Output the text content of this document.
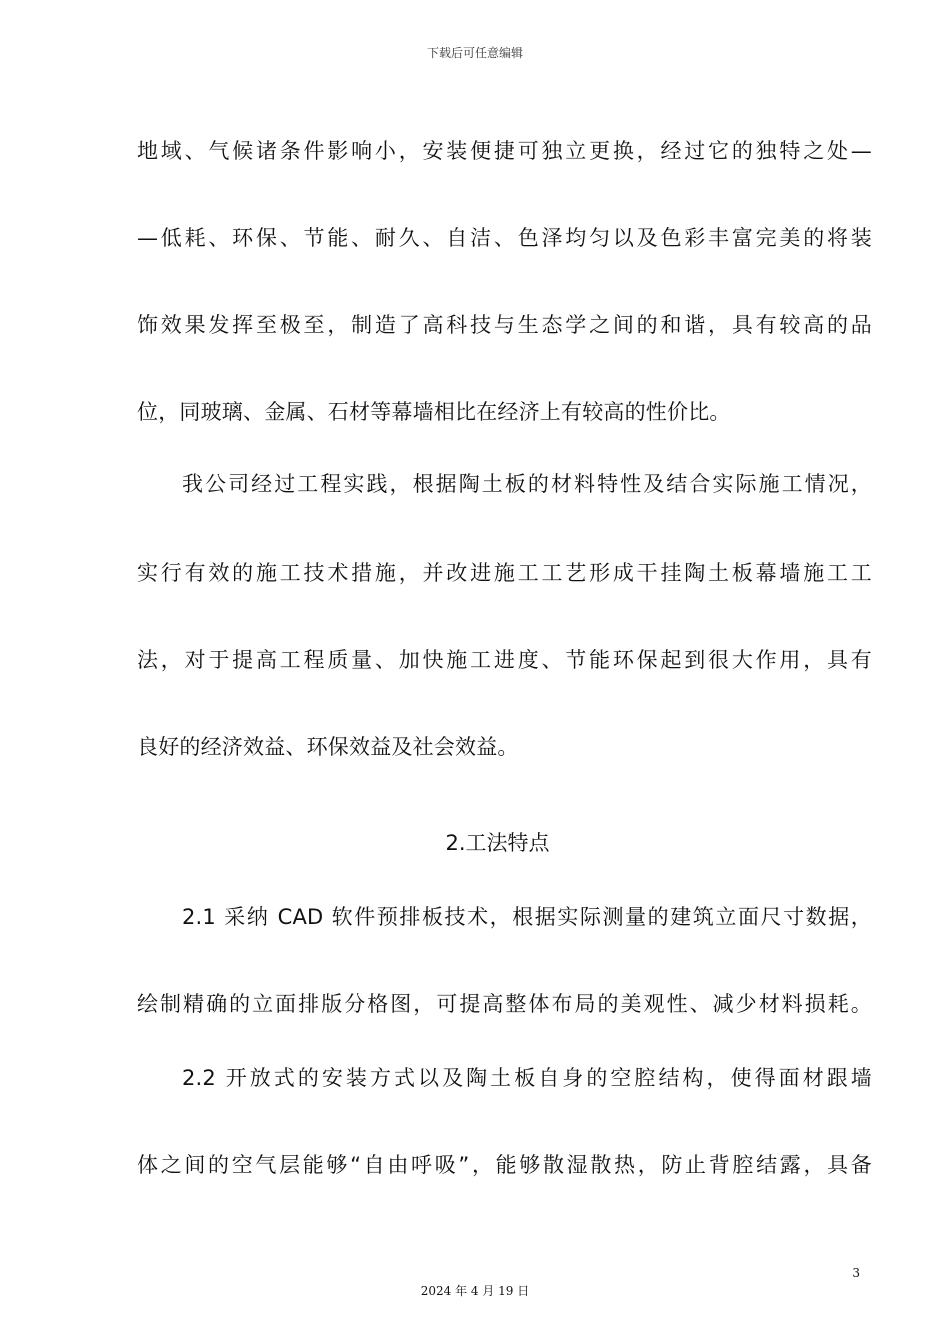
下载后可任意编辑
地域、气候诸条件影响小，安装便捷可独立更换，经过它的独特之处—
—低耗、环保、节能、耐久、自洁、色泽均匀以及色彩丰富完美的将装
饰效果发挥至极至，制造了高科技与生态学之间的和谐，具有较高的品
位，同玻璃、金属、石材等幕墙相比在经济上有较高的性价比。
我公司经过工程实践，根据陶土板的材料特性及结合实际施工情况，
实行有效的施工技术措施，并改进施工工艺形成干挂陶土板幕墙施工工
法，对于提高工程质量、加快施工进度、节能环保起到很大作用，具有
良好的经济效益、环保效益及社会效益。
2.工法特点
2.1 采纳 CAD 软件预排板技术，根据实际测量的建筑立面尺寸数据，
绘制精确的立面排版分格图，可提高整体布局的美观性、减少材料损耗。
2.2 开放式的安装方式以及陶土板自身的空腔结构，使得面材跟墙
体之间的空气层能够“自由呼吸”，能够散湿散热，防止背腔结露，具备
3
2024 年 4 月 19 日
